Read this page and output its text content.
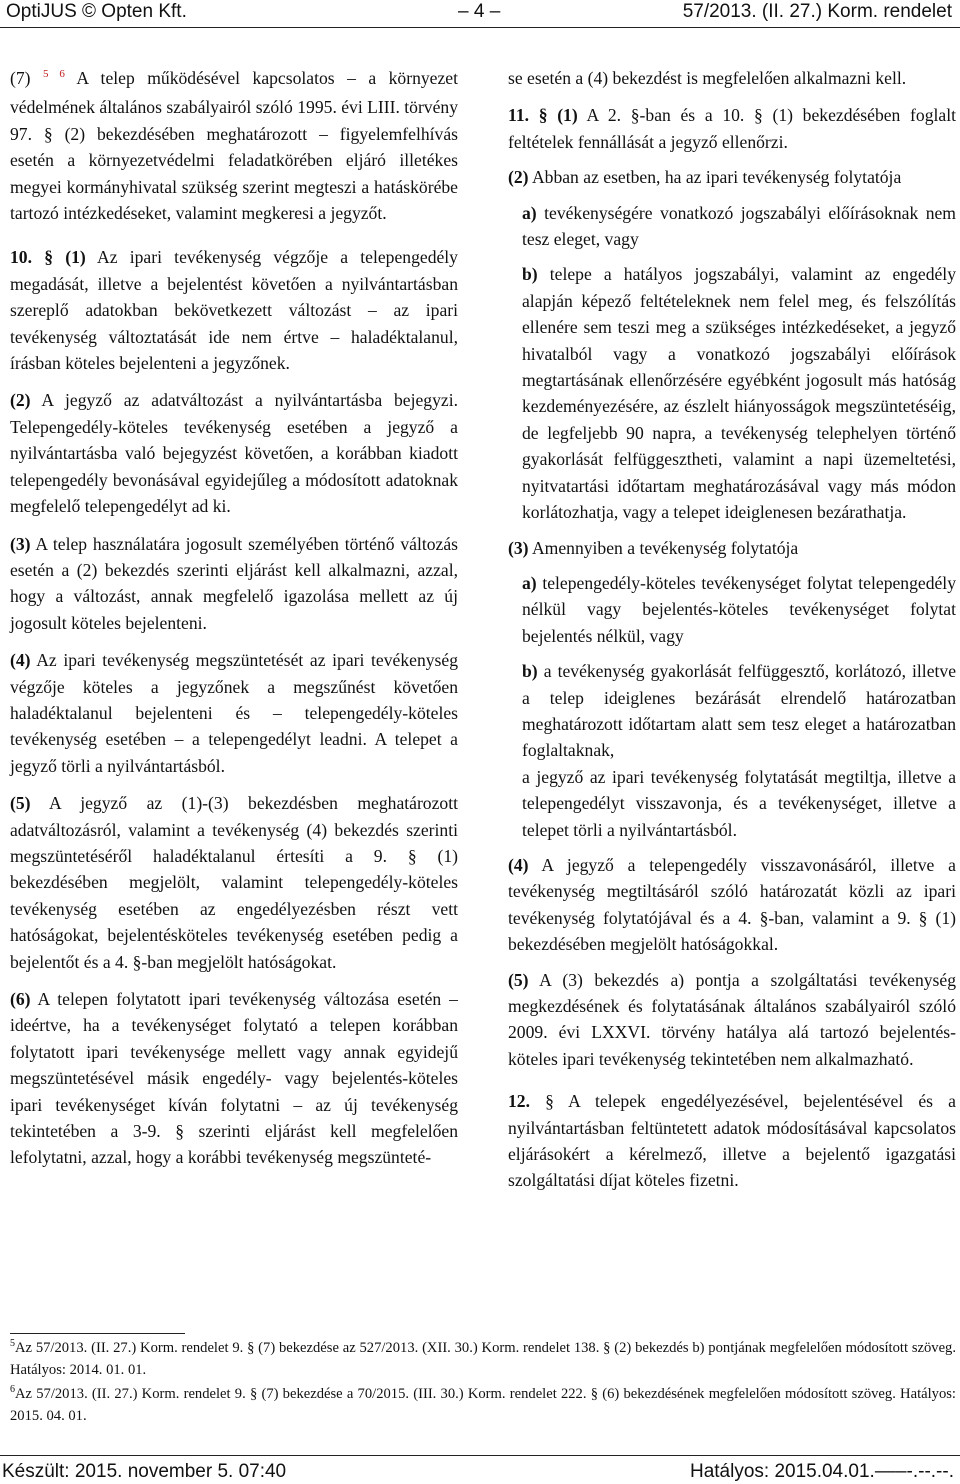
OptiJUS © Opten Kft.	– 4 –	57/2013. (II. 27.) Korm. rendelet

(7) $^{5 6}$ A telep működésével kapcsolatos – a környezet védelmének általános szabályairól szóló 1995. évi LIII. törvény 97. § (2) bekezdésében meghatározott – figyelemfelhívás esetén a környezetvédelmi feladatkörében eljáró illetékes megyei kormányhivatal szükség szerint megteszi a hatáskörébe tartozó intézkedéseket, valamint megkeresi a jegyzőt.

10. § (1) Az ipari tevékenység végzője a telepengedély megadását, illetve a bejelentést követően a nyilvántartásban szereplő adatokban bekövetkezett változást – az ipari tevékenység változtatását ide nem értve – haladéktalanul, írásban köteles bejelenteni a jegyzőnek.

(2) A jegyző az adatváltozást a nyilvántartásba bejegyzi. Telepengedély-köteles tevékenység esetében a jegyző a nyilvántartásba való bejegyzést követően, a korábban kiadott telepengedély bevonásával egyidejűleg a módosított adatoknak megfelelő telepengedélyt ad ki.

(3) A telep használatára jogosult személyében történő változás esetén a (2) bekezdés szerinti eljárást kell alkalmazni, azzal, hogy a változást, annak megfelelő igazolása mellett az új jogosult köteles bejelenteni.

(4) Az ipari tevékenység megszüntetését az ipari tevékenység végzője köteles a jegyzőnek a megszűnést követően haladéktalanul bejelenteni és – telepengedély-köteles tevékenység esetében – a telepengedélyt leadni. A telepet a jegyző törli a nyilvántartásból.

(5) A jegyző az (1)-(3) bekezdésben meghatározott adatváltozásról, valamint a tevékenység (4) bekezdés szerinti megszüntetéséről haladéktalanul értesíti a 9. § (1) bekezdésében megjelölt, valamint telepengedély-köteles tevékenység esetében az engedélyezésben részt vett hatóságokat, bejelentésköteles tevékenység esetében pedig a bejelentőt és a 4. §-ban megjelölt hatóságokat.

(6) A telepen folytatott ipari tevékenység változása esetén – ideértve, ha a tevékenységet folytató a telepen korábban folytatott ipari tevékenysége mellett vagy annak egyidejű megszüntetésével másik engedély- vagy bejelentés-köteles ipari tevékenységet kíván folytatni – az új tevékenység tekintetében a 3-9. § szerinti eljárást kell megfelelően lefolytatni, azzal, hogy a korábbi tevékenység megszünteté-

se esetén a (4) bekezdést is megfelelően alkalmazni kell.

11. § (1) A 2. §-ban és a 10. § (1) bekezdésében foglalt feltételek fennállását a jegyző ellenőrzi.

(2) Abban az esetben, ha az ipari tevékenység folytatója

a) tevékenységére vonatkozó jogszabályi előírásoknak nem tesz eleget, vagy

b) telepe a hatályos jogszabályi, valamint az engedély alapján képező feltételeknek nem felel meg, és felszólítás ellenére sem teszi meg a szükséges intézkedéseket, a jegyző hivatalból vagy a vonatkozó jogszabályi előírások megtartásának ellenőrzésére egyébként jogosult más hatóság kezdeményezésére, az észlelt hiányosságok megszüntetéséig, de legfeljebb 90 napra, a tevékenység telephelyen történő gyakorlását felfüggesztheti, valamint a napi üzemeltetési, nyitvatartási időtartam meghatározásával vagy más módon korlátozhatja, vagy a telepet ideiglenesen bezárathatja.

(3) Amennyiben a tevékenység folytatója

a) telepengedély-köteles tevékenységet folytat telepengedély nélkül vagy bejelentés-köteles tevékenységet folytat bejelentés nélkül, vagy

b) a tevékenység gyakorlását felfüggesztő, korlátozó, illetve a telep ideiglenes bezárását elrendelő határozatban meghatározott időtartam alatt sem tesz eleget a határozatban foglaltaknak,

a jegyző az ipari tevékenység folytatását megtiltja, illetve a telepengedélyt visszavonja, és a tevékenységet, illetve a telepet törli a nyilvántartásból.

(4) A jegyző a telepengedély visszavonásáról, illetve a tevékenység megtiltásáról szóló határozatát közli az ipari tevékenység folytatójával és a 4. §-ban, valamint a 9. § (1) bekezdésében megjelölt hatóságokkal.

(5) A (3) bekezdés a) pontja a szolgáltatási tevékenység megkezdésének és folytatásának általános szabályairól szóló 2009. évi LXXVI. törvény hatálya alá tartozó bejelentés-köteles ipari tevékenység tekintetében nem alkalmazható.

12. § A telepek engedélyezésével, bejelentésével és a nyilvántartásban feltüntetett adatok módosításával kapcsolatos eljárásokért a kérelmező, illetve a bejelentő igazgatási szolgáltatási díjat köteles fizetni.

$^5$Az 57/2013. (II. 27.) Korm. rendelet 9. § (7) bekezdése az 527/2013. (XII. 30.) Korm. rendelet 138. § (2) bekezdés b) pontjának megfelelően módosított szöveg. Hatályos: 2014. 01. 01.
$^6$Az 57/2013. (II. 27.) Korm. rendelet 9. § (7) bekezdése a 70/2015. (III. 30.) Korm. rendelet 222. § (6) bekezdésének megfelelően módosított szöveg. Hatályos: 2015. 04. 01.
Készült: 2015. november 5. 07:40	Hatályos: 2015.04.01.–––-.--.--.
